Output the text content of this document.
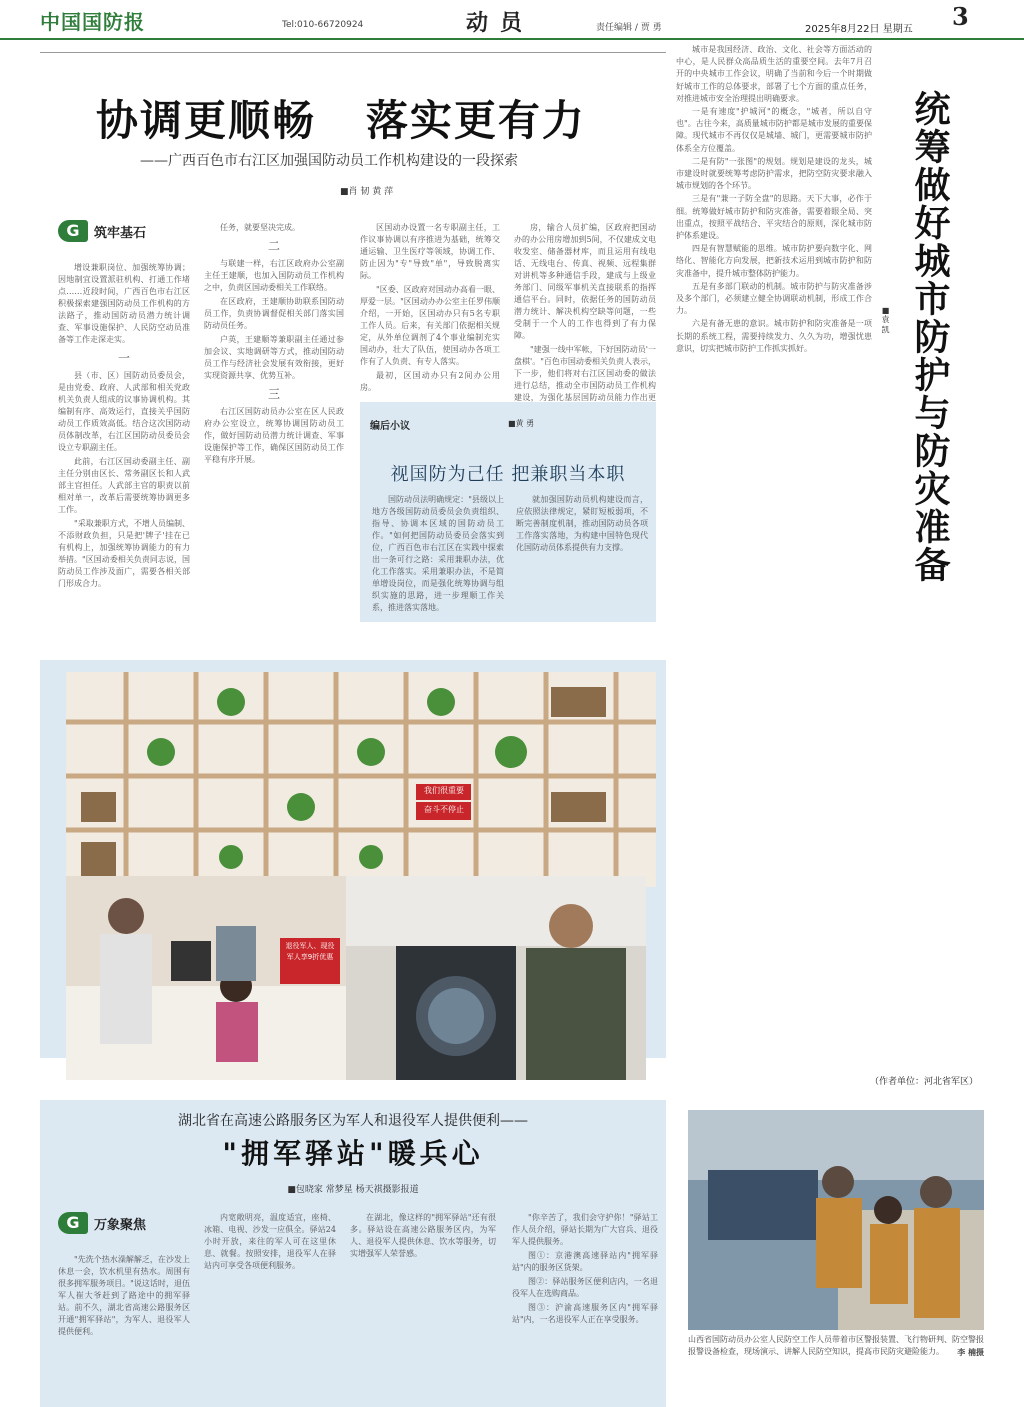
中国国防报	Tel:010-66720924	动员	责任编辑 / 贾 勇	2025年8月22日 星期五 3
协调更顺畅   落实更有力
——广西百色市右江区加强国防动员工作机构建设的一段探索
■肖 韧 黄 萍
G	筑牢基石

增设兼职岗位、加强统筹协调；因地制宜设置派驻机构、打通工作堵点……近段时间，广西百色市右江区积极探索建强国防动员工作机构的方法路子，推动国防动员潜力统计调查、军事设施保护、人民防空动员准备等工作走深走实。

一

县（市、区）国防动员委员会，是由党委、政府、人武部和相关党政机关负责人组成的议事协调机构。其编制有序、高效运行，直接关乎国防动员工作质效高低。结合这次国防动员体制改革，右江区国防动员委员会设立专职副主任。

此前，右江区国动委副主任、副主任分别由区长、常务副区长和人武部主官担任。人武部主官的职责以前相对单一，改革后需要统筹协调更多工作。

"采取兼职方式，不增人员编制、不添财政负担，只是把'牌子'挂在已有机构上，加强统筹协调能力的有力举措。"区国动委相关负责同志说，国防动员工作涉及面广，需要各相关部门形成合力。

任务，就要坚决完成。

二

与联建一样，右江区政府办公室副主任王建顺，也加入国防动员工作机构之中，负责区国动委相关工作联络。

在区政府，王建顺协助联系国防动员工作，负责协调督促相关部门落实国防动员任务。

户英，王建顺等兼职副主任通过参加会议、实地调研等方式，推动国防动员工作与经济社会发展有效衔接，更好实现资源共享、优势互补。

三

右江区国防动员办公室在区人民政府办公室设立，统筹协调国防动员工作，做好国防动员潜力统计调查、军事设施保护等工作，确保区国防动员工作平稳有序开展。

区国动办设置一名专职副主任，工作议事协调以有序推进为基础，统筹交通运输、卫生医疗等领域，协调工作、防止因为"专"导致"单"，导致脱离实际。

"区委、区政府对国动办高看一眼、厚爱一层。"区国动办办公室主任罗伟顺介绍，一开始，区国动办只有5名专职工作人员。后来，有关部门依据相关规定，从外单位调剂了4个事业编制充实国动办，壮大了队伍，使国动办各项工作有了人负责、有专人落实。

最初，区国动办只有2间办公用房。

房，输合人员扩编，区政府把国动办的办公用房增加到5间，不仅建成文电收发室、储备器材库，而且运用有线电话、无线电台、传真、视频、远程集群对讲机等多种通信手段，建成与上级业务部门、同级军事机关直接联系的指挥通信平台。同时，依据任务的国防动员潜力统计、解决机构空缺等问题，一些受制于一个人的工作也得到了有力保障。

"建强一线中军帐，下好国防动员'一盘棋'。"百色市国动委相关负责人表示，下一步，他们将对右江区国动委的做法进行总结，推动全市国防动员工作机构建设，为强化基层国防动员能力作出更

编后小议	■黄 勇
视国防为己任 把兼职当本职

国防动员法明确规定："县级以上地方各级国防动员委员会负责组织、指导、协调本区域的国防动员工作。"如何把国防动员委员会落实到位，广西百色市右江区在实践中探索出一条可行之路：采用兼职办法，优化工作落实。采用兼职办法，不是简单增设岗位，而是强化统筹协调与组织实施的思路，进一步理顺工作关系，推进落实落地。

就加强国防动员机构建设而言，应依照法律规定，紧盯短板弱项，不断完善制度机制，推动国防动员各项工作落实落地，为构建中国特色现代化国防动员体系提供有力支撑。

我们很重要
奋斗不停止
退役军人、现役军人享9折优惠
湖北省在高速公路服务区为军人和退役军人提供便利——
"拥军驿站"暖兵心
■包晓家 常梦星 杨天祺摄影报道
G	万象聚焦

"先洗个热水澡解解乏，在沙发上休息一会，饮水机里有热水。周围有很多拥军服务项目。"说这话时，退伍军人崔大爷赶到了路途中的拥军驿站。前不久，湖北省高速公路服务区开通"拥军驿站"，为军人、退役军人提供便利。

内宽敞明亮，温度适宜，座椅、冰箱、电视、沙发一应俱全。驿站24小时开放，来往的军人可在这里休息、就餐。按照安排，退役军人在驿站内可享受各项便利服务。

在湖北，像这样的"拥军驿站"还有很多。驿站设在高速公路服务区内，为军人、退役军人提供休息、饮水等服务，切实增强军人荣誉感。

"你辛苦了，我们会守护你！"驿站工作人员介绍，驿站长期为广大官兵、退役军人提供服务。

图①：京港澳高速驿站内"拥军驿站"内的服务区货架。

图②：驿站服务区便利店内，一名退役军人在选购商品。

图③：沪渝高速服务区内"拥军驿站"内，一名退役军人正在享受服务。

城市是我国经济、政治、文化、社会等方面活动的中心，是人民群众高品质生活的重要空间。去年7月召开的中央城市工作会议，明确了当前和今后一个时期做好城市工作的总体要求，部署了七个方面的重点任务，对推进城市安全治理提出明确要求。

一是有速度"护城河"的概念，"城者，所以自守也"。古往今来，高质量城市防护都是城市发展的重要保障。现代城市不再仅仅是城墙、城门，更需要城市防护体系全方位覆盖。

二是有防"一张图"的规划。规划是建设的龙头，城市建设时就要统筹考虑防护需求，把防空防灾要求融入城市规划的各个环节。

三是有"兼一子防全盘"的思路。天下大事，必作于细。统筹做好城市防护和防灾准备，需要着眼全局、突出重点，按照平战结合、平灾结合的原则，深化城市防护体系建设。

四是有智慧赋能的思维。城市防护要向数字化、网络化、智能化方向发展，把新技术运用到城市防护和防灾准备中，提升城市整体防护能力。

五是有多部门联动的机制。城市防护与防灾准备涉及多个部门，必须建立健全协调联动机制，形成工作合力。

六是有备无患的意识。城市防护和防灾准备是一项长期的系统工程，需要持续发力、久久为功，增强忧患意识，切实把城市防护工作抓实抓好。	统筹做好城市防护与防灾准备
■袁 凯
（作者单位：河北省军区）
山西省国防动员办公室人民防空工作人员带着市区警报装置、飞行物研判、防空警报报警设备检查，现场演示、讲解人民防空知识，提高市民防灾避险能力。 李 楠摄
